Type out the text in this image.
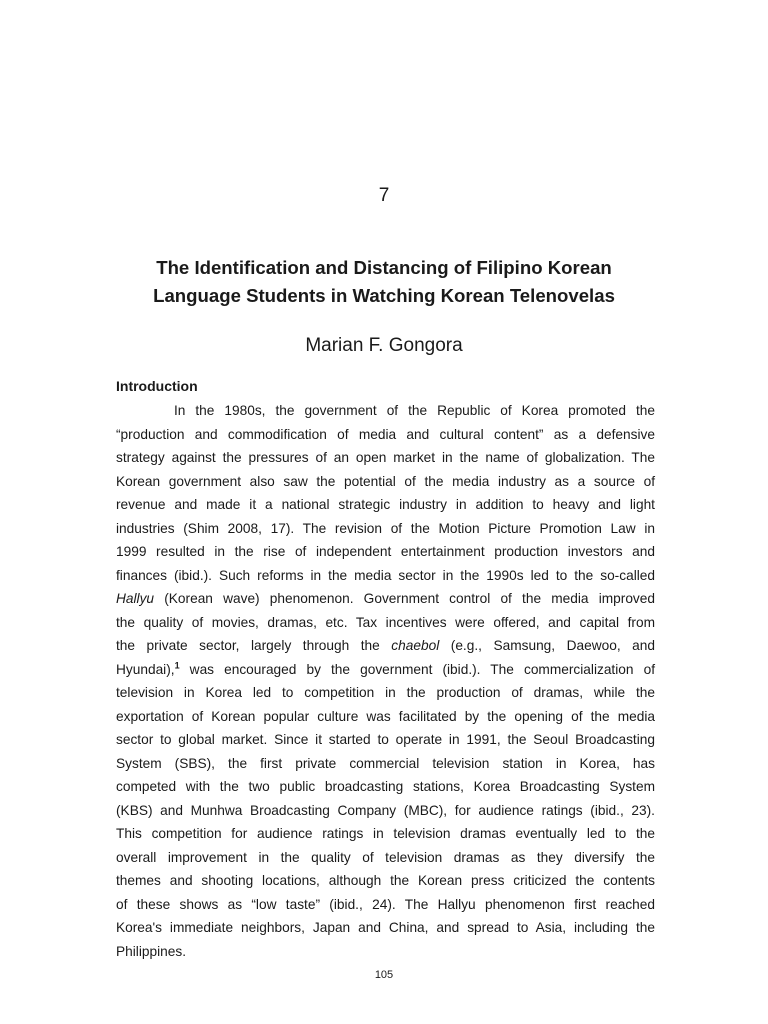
7
The Identification and Distancing of Filipino Korean
Language Students in Watching Korean Telenovelas
Marian F. Gongora
Introduction
In the 1980s, the government of the Republic of Korea promoted the
“production and commodification of media and cultural content” as a defensive
strategy against the pressures of an open market in the name of globalization. The
Korean government also saw the potential of the media industry as a source of
revenue and made it a national strategic industry in addition to heavy and light
industries (Shim 2008, 17). The revision of the Motion Picture Promotion Law in
1999 resulted in the rise of independent entertainment production investors and
finances (ibid.). Such reforms in the media sector in the 1990s led to the so-called
Hallyu (Korean wave) phenomenon. Government control of the media improved
the quality of movies, dramas, etc. Tax incentives were offered, and capital from
the private sector, largely through the chaebol (e.g., Samsung, Daewoo, and
Hyundai),$^1$ was encouraged by the government (ibid.). The commercialization of
television in Korea led to competition in the production of dramas, while the
exportation of Korean popular culture was facilitated by the opening of the media
sector to global market. Since it started to operate in 1991, the Seoul Broadcasting
System (SBS), the first private commercial television station in Korea, has
competed with the two public broadcasting stations, Korea Broadcasting System
(KBS) and Munhwa Broadcasting Company (MBC), for audience ratings (ibid., 23).
This competition for audience ratings in television dramas eventually led to the
overall improvement in the quality of television dramas as they diversify the
themes and shooting locations, although the Korean press criticized the contents
of these shows as “low taste” (ibid., 24). The Hallyu phenomenon first reached
Korea's immediate neighbors, Japan and China, and spread to Asia, including the
Philippines.
105
